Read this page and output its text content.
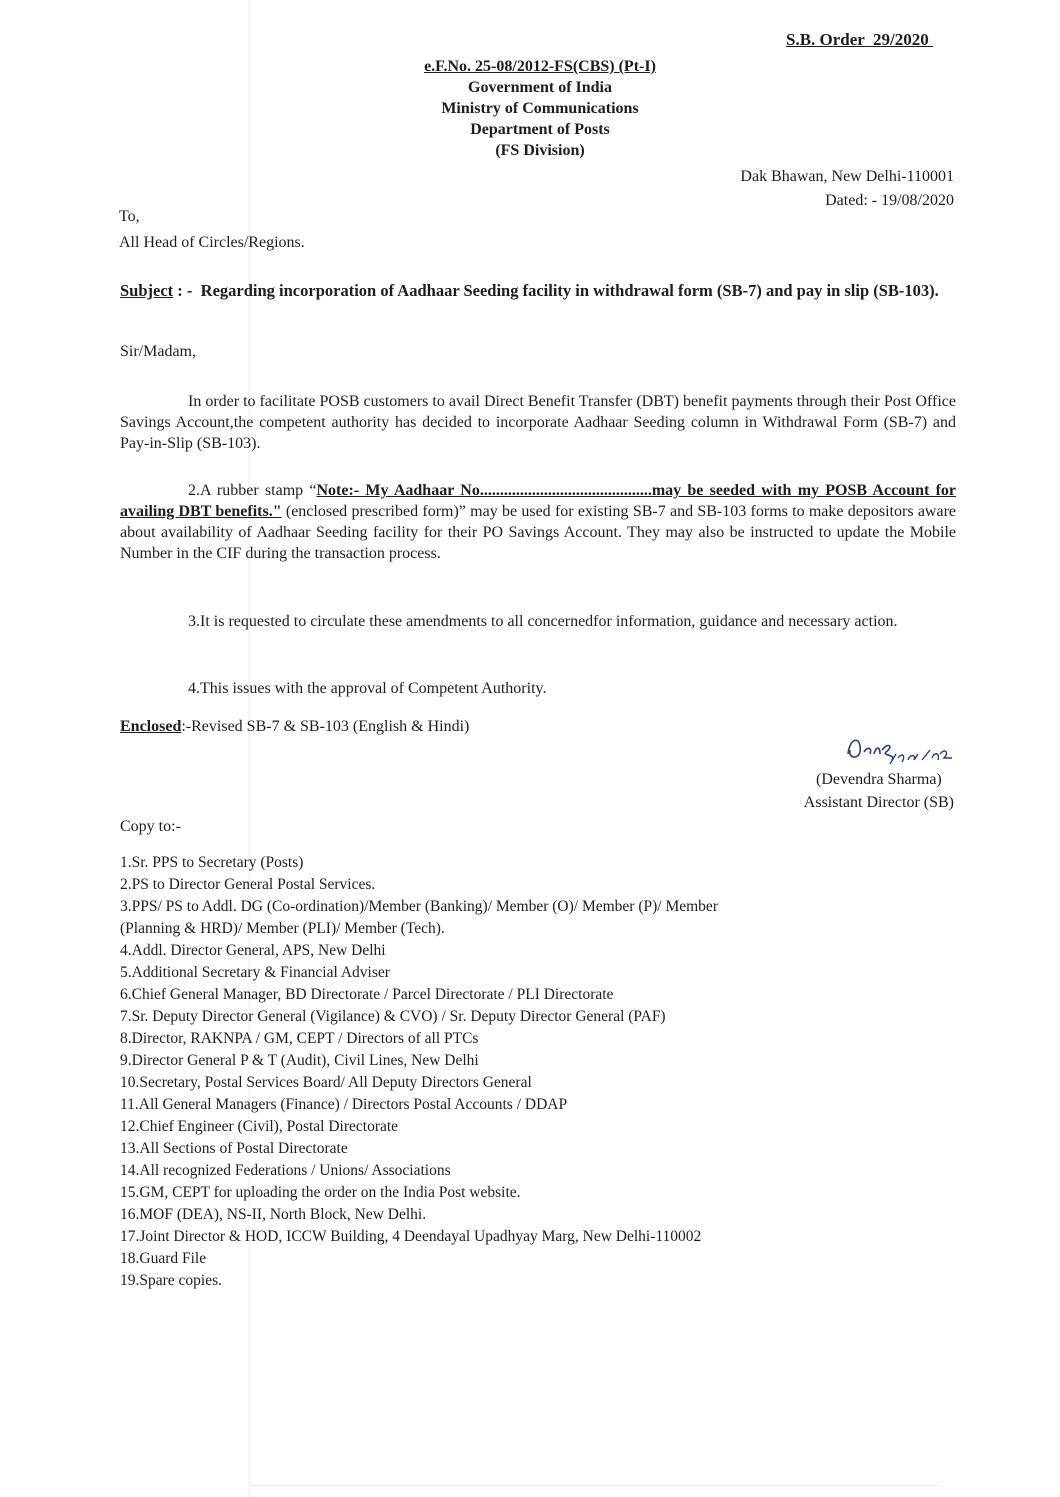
S.B. Order  29/2020
e.F.No. 25-08/2012-FS(CBS) (Pt-I)
Government of India
Ministry of Communications
Department of Posts
(FS Division)
Dak Bhawan, New Delhi-110001
Dated: - 19/08/2020
To,
All Head of Circles/Regions.
Subject : -  Regarding incorporation of Aadhaar Seeding facility in withdrawal form (SB-7) and pay in slip (SB-103).
Sir/Madam,
In order to facilitate POSB customers to avail Direct Benefit Transfer (DBT) benefit payments through their Post Office Savings Account,the competent authority has decided to incorporate Aadhaar Seeding column in Withdrawal Form (SB-7) and Pay-in-Slip (SB-103).
2.A rubber stamp “Note:- My Aadhaar No...........................................may be seeded with my POSB Account for availing DBT benefits." (enclosed prescribed form)” may be used for existing SB-7 and SB-103 forms to make depositors aware about availability of Aadhaar Seeding facility for their PO Savings Account. They may also be instructed to update the Mobile Number in the CIF during the transaction process.
3.It is requested to circulate these amendments to all concernedfor information, guidance and necessary action.
4.This issues with the approval of Competent Authority.
Enclosed:-Revised SB-7 & SB-103 (English & Hindi)
(Devendra Sharma)
Assistant Director (SB)
Copy to:-
1.Sr. PPS to Secretary (Posts)
2.PS to Director General Postal Services.
3.PPS/ PS to Addl. DG (Co-ordination)/Member (Banking)/ Member (O)/ Member (P)/ Member
(Planning & HRD)/ Member (PLI)/ Member (Tech).
4.Addl. Director General, APS, New Delhi
5.Additional Secretary & Financial Adviser
6.Chief General Manager, BD Directorate / Parcel Directorate / PLI Directorate
7.Sr. Deputy Director General (Vigilance) & CVO) / Sr. Deputy Director General (PAF)
8.Director, RAKNPA / GM, CEPT / Directors of all PTCs
9.Director General P & T (Audit), Civil Lines, New Delhi
10.Secretary, Postal Services Board/ All Deputy Directors General
11.All General Managers (Finance) / Directors Postal Accounts / DDAP
12.Chief Engineer (Civil), Postal Directorate
13.All Sections of Postal Directorate
14.All recognized Federations / Unions/ Associations
15.GM, CEPT for uploading the order on the India Post website.
16.MOF (DEA), NS-II, North Block, New Delhi.
17.Joint Director & HOD, ICCW Building, 4 Deendayal Upadhyay Marg, New Delhi-110002
18.Guard File
19.Spare copies.
